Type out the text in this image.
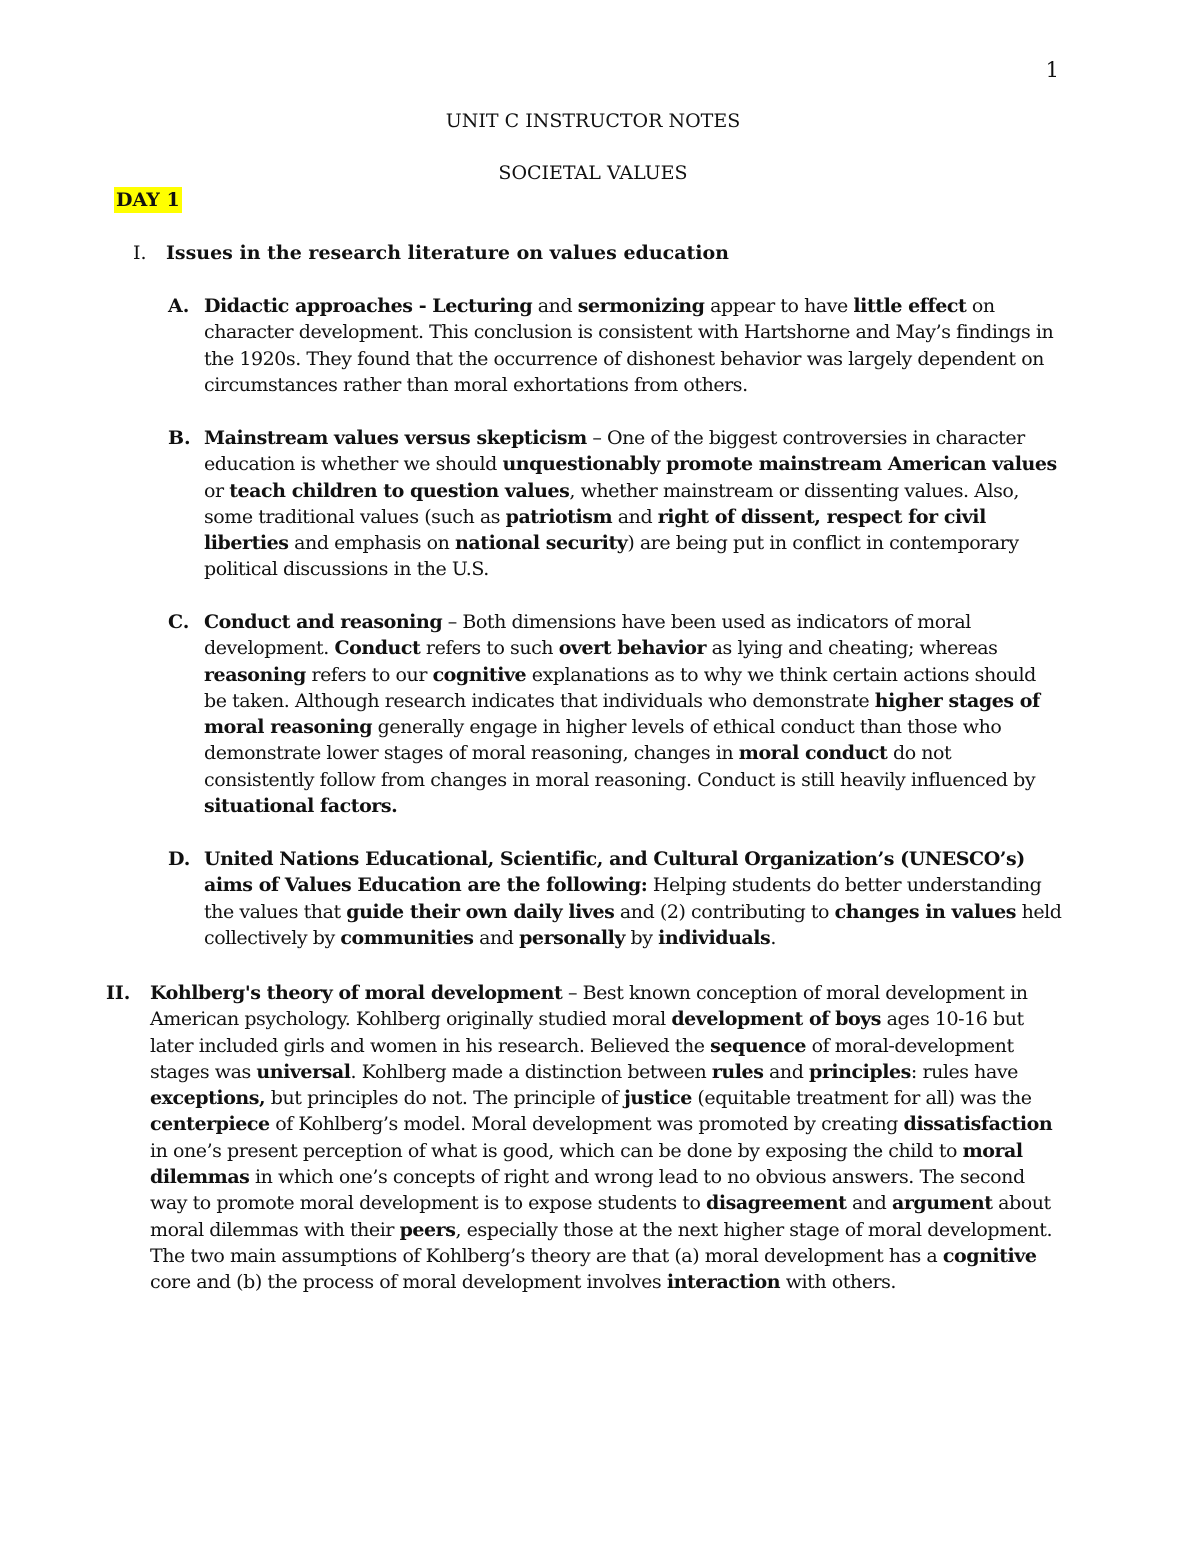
1
UNIT C INSTRUCTOR NOTES
SOCIETAL VALUES
DAY 1
I. Issues in the research literature on values education

A. Didactic approaches - Lecturing and sermonizing appear to have little effect on character development. This conclusion is consistent with Hartshorne and May’s findings in the 1920s. They found that the occurrence of dishonest behavior was largely dependent on circumstances rather than moral exhortations from others.

B. Mainstream values versus skepticism – One of the biggest controversies in character education is whether we should unquestionably promote mainstream American values or teach children to question values, whether mainstream or dissenting values. Also, some traditional values (such as patriotism and right of dissent, respect for civil liberties and emphasis on national security) are being put in conflict in contemporary political discussions in the U.S.

C. Conduct and reasoning – Both dimensions have been used as indicators of moral development. Conduct refers to such overt behavior as lying and cheating; whereas reasoning refers to our cognitive explanations as to why we think certain actions should be taken. Although research indicates that individuals who demonstrate higher stages of moral reasoning generally engage in higher levels of ethical conduct than those who demonstrate lower stages of moral reasoning, changes in moral conduct do not consistently follow from changes in moral reasoning. Conduct is still heavily influenced by situational factors.

D. United Nations Educational, Scientific, and Cultural Organization’s (UNESCO’s) aims of Values Education are the following: Helping students do better understanding the values that guide their own daily lives and (2) contributing to changes in values held collectively by communities and personally by individuals.

II. Kohlberg's theory of moral development – Best known conception of moral development in American psychology. Kohlberg originally studied moral development of boys ages 10-16 but later included girls and women in his research. Believed the sequence of moral-development stages was universal. Kohlberg made a distinction between rules and principles: rules have exceptions, but principles do not. The principle of justice (equitable treatment for all) was the centerpiece of Kohlberg’s model. Moral development was promoted by creating dissatisfaction in one’s present perception of what is good, which can be done by exposing the child to moral dilemmas in which one’s concepts of right and wrong lead to no obvious answers. The second way to promote moral development is to expose students to disagreement and argument about moral dilemmas with their peers, especially those at the next higher stage of moral development. The two main assumptions of Kohlberg’s theory are that (a) moral development has a cognitive core and (b) the process of moral development involves interaction with others.
